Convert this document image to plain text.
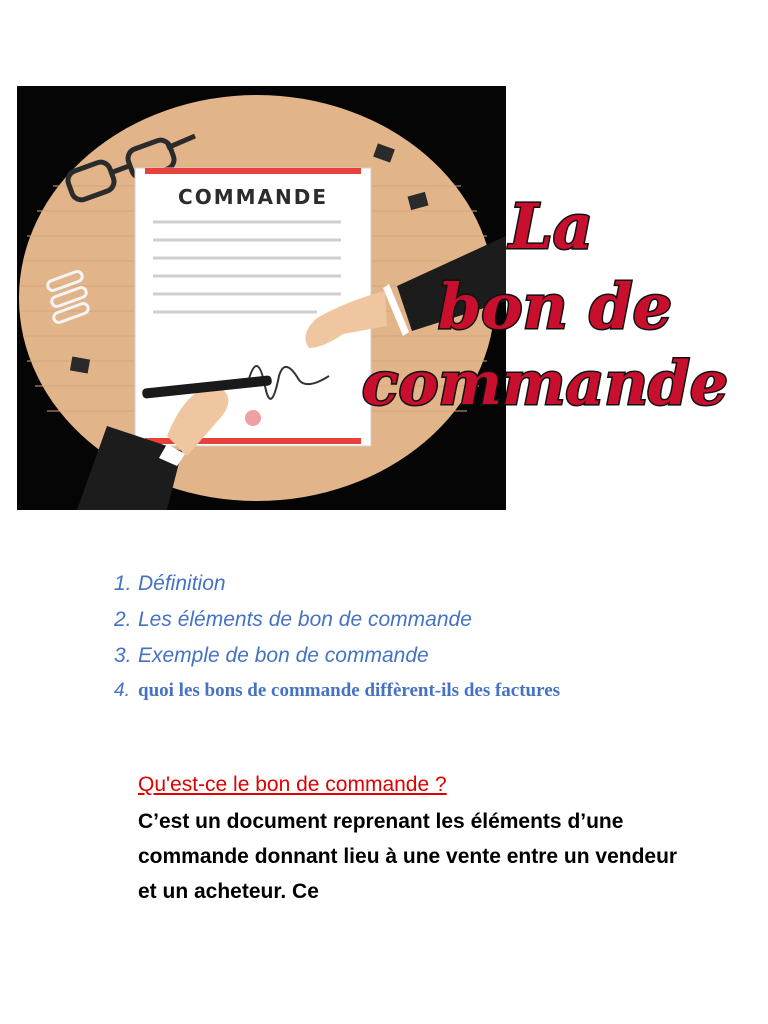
COMMANDE	La
bon de
commande
1. Définition
2. Les éléments de bon de commande
3. Exemple de bon de commande
4. quoi les bons de commande diffèrent-ils des factures
Qu'est-ce le bon de commande ?

C’est un document reprenant les éléments d’une commande donnant lieu à une vente entre un vendeur et un acheteur. Ce
